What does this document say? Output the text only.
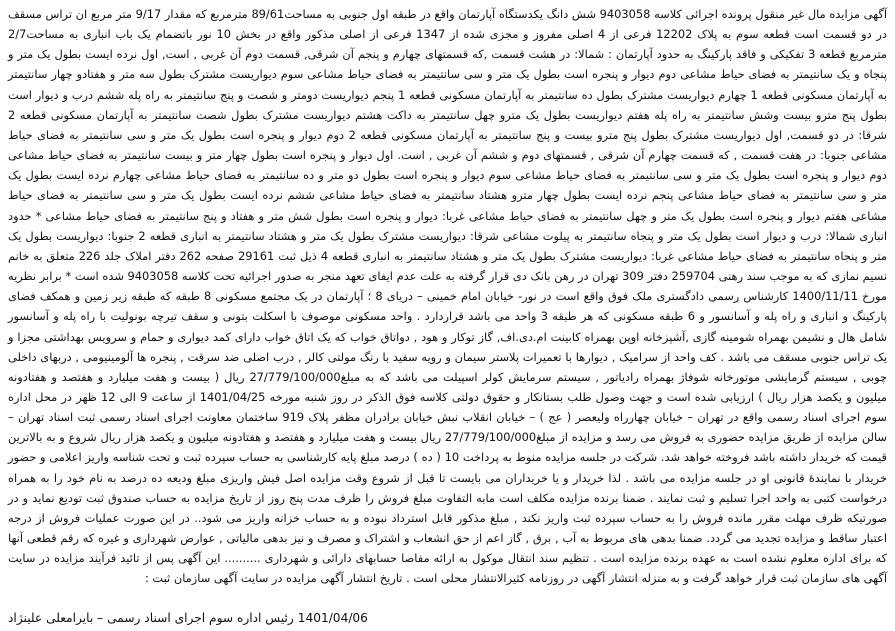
آگهی مزایده مال غیر منقول پرونده اجرائی کلاسه 9403058 شش دانگ یکدستگاه آپارتمان واقع در طبقه اول جنوبی به مساحت89/61 مترمربع که مقدار 9/17 متر مربع ان تراس مسقف در دو قسمت است قطعه سوم به پلاک 12202 فرعی از 4 اصلی مفروز و مجزی شده از 1347 فرعی از اصلی مذکور واقع در بخش 10 نور باتضمام یک باب انباری به مساحت2/7 مترمربع قطعه 3 تفکیکی و فاقد پارکینگ به حدود آپارتمان : شمالا: در هشت قسمت ,که قسمتهای چهارم و پنجم آن شرقی, قسمت دوم آن غربی , است, اول نرده ایست بطول یک متر و پنجاه و یک سانتیمتر به فضای حیاط مشاعی دوم دیوار و پنجره است بطول یک متر و سی سانتیمتر به فضای حیاط مشاعی سوم دیواریست مشترک بطول سه متر و هفتادو چهار سانتیمتر به آپارتمان مسکونی قطعه 1 چهارم دیواریست مشترک بطول ده سانتیمتر به آپارتمان مسکونی قطعه 1 پنجم دیواریست دومتر و شصت و پنج سانتیمتر به راه پله ششم درب و دیوار است بطول پنج مترو بیست وشش سانتیمتر به راه پله هفتم دیواریست بطول یک مترو چهل سانتیمتر به داکت هشتم دیواریست مشترک بطول شصت سانتیمتر به آپارتمان مسکونی قطعه 2 شرقا: در دو قسمت, اول دیواریست مشترک بطول پنج مترو بیست و پنج سانتیمتر به آپارتمان مسکونی قطعه 2 دوم دیوار و پنجره است بطول یک متر و سی سانتیمتر به فضای حیاط مشاعی جنوبا: در هفت قسمت , که قسمت چهارم آن شرقی , قسمتهای دوم و ششم آن غربی , است. اول دیوار و پنجره است بطول چهار متر و بیست سانتیمتر به فضای حیاط مشاعی دوم دیوار و پنجره است بطول یک متر و سی سانتیمتر به فضای حیاط مشاعی سوم دیوار و پنجره است بطول دو متر و ده سانتیمتر به فضای حیاط مشاعی چهارم نرده ایست بطول یک متر و سی سانتیمتر به فضای حیاط مشاعی پنجم نرده ایست بطول چهار مترو هشتاد سانتیمتر به فضای حیاط مشاعی ششم نرده ایست بطول یک متر و سی سانتیمتر به فضای حیاط مشاعی هفتم دیوار و پنجره است بطول یک متر و چهل سانتیمتر به فضای حیاط مشاعی غربا: دیوار و پنجره است بطول شش متر و هفتاد و پنج سانتیمتر به فضای حیاط مشاعی * حدود انباری شمالا: درب و دیوار است بطول یک متر و پنجاه سانتیمتر به پیلوت مشاعی شرقا: دیواریست مشترک بطول یک متر و هشتاد سانتیمتر به انباری قطعه 2 جنوبا: دیواریست بطول یک متر و پنجاه سانتیمتر به فضای حیاط مشاعی غربا: دیواریست مشترک بطول یک متر و هشتاد سانتیمتر به انباری قطعه 4 ذیل ثبت 29161 صفحه 262 دفتر املاک جلد 226 متعلق به خانم نسیم نمازی که به موجب سند رهنی 259704 دفتر 309 تهران در رهن بانک دی قرار گرفته به علت عدم ایفای تعهد منجر به صدور اجرائیه تحت کلاسه 9403058 شده است * برابر نظریه مورخ 1400/11/11 کارشناس رسمی دادگستری ملک فوق واقع است در نور- خیابان امام خمینی – دریای 8 ؛ آپارتمان در یک مجتمع مسکونی 8 طبقه که طبقه زیر زمین و همکف فضای پارکینگ و انباری و راه پله و آسانسور و 6 طبقه مسکونی که هر طبقه 3 واحد می باشد قراردارد . واحد مسکونی موصوف با اسکلت بتونی و سقف تیرچه بونولیت با راه پله و آسانسور شامل هال و نشیمن بهمراه شومینه گازی ,آشپزخانه اوپن بهمراه کابینت ام.دی.اف, گاز توکار و هود , دواتاق خواب که یک اتاق خواب دارای کمد دیواری و حمام و سرویس بهداشتی مجزا و یک تراس جنوبی مسقف می باشد . کف واحد از سرامیک , دیوارها با تعمیرات پلاستر سیمان و رویه سفید با رنگ مولتی کالر , درب اصلی ضد سرقت , پنجره ها آلومینیومی , دربهای داخلی چوبی , سیستم گرمایشی موتورخانه شوفاژ بهمراه رادیاتور , سیستم سرمایش کولر اسپیلت می باشد که به مبلغ27/779/100/000 ریال ( بیست و هفت میلیارد و هفتصد و هفتادونه میلیون و یکصد هزار ریال ) ارزیابی شده است و جهت وصول طلب بستانکار و حقوق دولتی کلاسه فوق الذکر در روز شنبه مورخه 1401/04/25 از ساعت 9 الی 12 ظهر در محل اداره سوم اجرای اسناد رسمی واقع در تهران – خیابان چهارراه ولیعصر ( عج ) – خیابان انقلاب نبش خیابان برادران مظفر پلاک 919 ساختمان معاونت اجرای اسناد رسمی ثبت اسناد تهران – سالن مزایده از طریق مزایده حضوری به فروش می رسد و مزایده از مبلغ27/779/100/000 ریال بیست و هفت میلیارد و هفتصد و هفتادونه میلیون و یکصد هزار ریال شروع و به بالاترین قیمت که خریدار داشته باشد فروخته خواهد شد. شرکت در جلسه مزایده منوط به پرداخت 10 ( ده ) درصد مبلغ پایه کارشناسی به حساب سپرده ثبت و تحت شناسه واریز اعلامی و حضور خریدار با نمایندۀ قانونی او در جلسه مزایده می باشد . لذا خریدار و یا خریداران می بایست تا قبل از شروع وقت مزایده اصل فیش واریزی مبلغ ودیعه ده درصد به نام خود را به همراه درخواست کتبی به واحد اجرا تسلیم و ثبت نمایند . ضمنا برنده مزایده مکلف است مابه التفاوت مبلغ فروش را ظرف مدت پنج روز از تاریخ مزایده به حساب صندوق ثبت تودیع نماید و در صورتیکه ظرف مهلت مقرر مانده فروش را به حساب سپرده ثبت واریز نکند , مبلغ مذکور قابل استرداد نبوده و به حساب خزانه واریز می شود.. در این صورت عملیات فروش از درجه اعتبار ساقط و مزایده تجدید می گردد. ضمنا بدهی های مربوط به آب , برق , گاز اعم از حق انشعاب و اشتراک و مصرف و نیز بدهی مالیاتی , عوارض شهرداری و غیره که رقم قطعی آنها که برای اداره معلوم نشده است به عهده برنده مزایده است . تنظیم سند انتقال موکول به ارائه مفاصا حسابهای دارائی و شهرداری .......... این آگهی پس از تائید فرآیند مزایده در سایت آگهی های سازمان ثبت قرار خواهد گرفت و به منزله انتشار آگهی در روزنامه کثیرالانتشار محلی است . تاریخ انتشار آگهی مزایده در سایت آگهی سازمان ثبت :

1401/04/06 رئیس اداره سوم اجرای اسناد رسمی – بایرامعلی علینژاد
